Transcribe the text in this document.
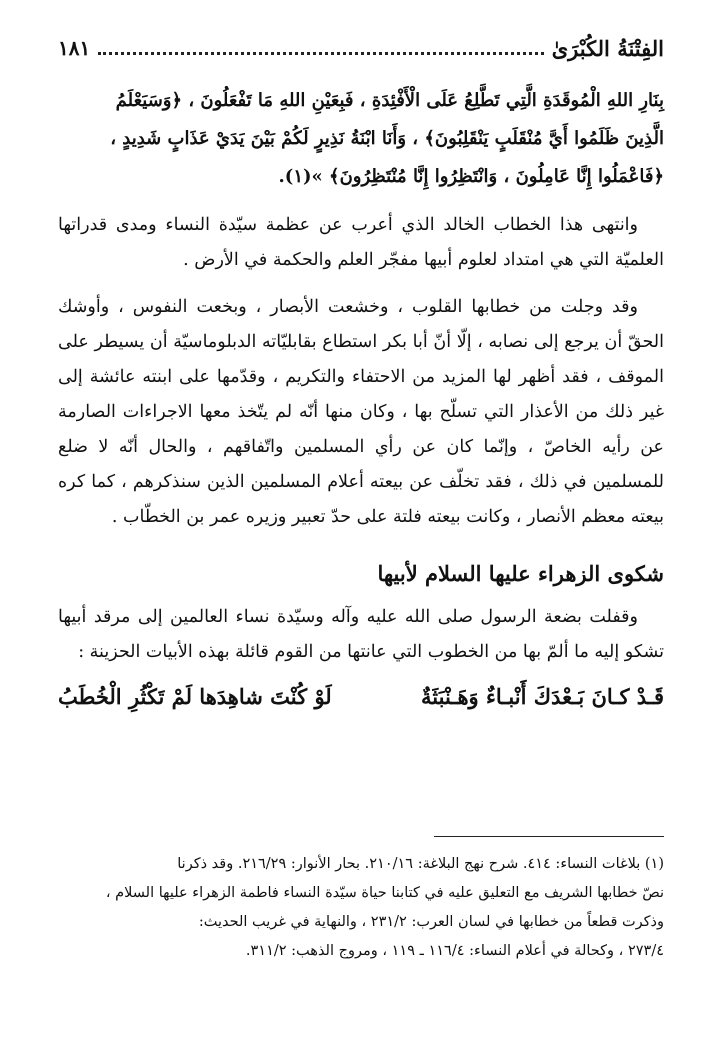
الفِتْنَةُ الكُبْرَىٰ
١٨١

بِنَارِ اللهِ الْمُوقَدَةِ الَّتِي تَطَّلِعُ عَلَى الْأَفْئِدَةِ ، فَبِعَيْنِ اللهِ مَا تَفْعَلُونَ ، ﴿وَسَيَعْلَمُ

الَّذِينَ ظَلَمُوا أَيَّ مُنْقَلَبٍ يَنْقَلِبُونَ﴾ ، وَأَنَا ابْنَةُ نَذِيرٍ لَكُمْ بَيْنَ يَدَيْ عَذَابٍ شَدِيدٍ ،

﴿فَاعْمَلُوا إِنَّا عَامِلُونَ ، وَانْتَظِرُوا إِنَّا مُنْتَظِرُونَ﴾ »(١).

وانتهى هذا الخطاب الخالد الذي أعرب عن عظمة سيّدة النساء ومدى قدراتها العلميّة التي هي امتداد لعلوم أبيها مفجّر العلم والحكمة في الأرض .

وقد وجلت من خطابها القلوب ، وخشعت الأبصار ، وبخعت النفوس ، وأوشك الحقّ أن يرجع إلى نصابه ، إلّا أنّ أبا بكر استطاع بقابليّاته الدبلوماسيّة أن يسيطر على الموقف ، فقد أظهر لها المزيد من الاحتفاء والتكريم ، وقدّمها على ابنته عائشة إلى غير ذلك من الأعذار التي تسلّح بها ، وكان منها أنّه لم يتّخذ معها الاجراءات الصارمة عن رأيه الخاصّ ، وإنّما كان عن رأي المسلمين واتّفاقهم ، والحال أنّه لا ضلع للمسلمين في ذلك ، فقد تخلّف عن بيعته أعلام المسلمين الذين سنذكرهم ، كما كره بيعته معظم الأنصار ، وكانت بيعته فلتة على حدّ تعبير وزيره عمر بن الخطّاب .

شكوى الزهراء عليها السلام لأبيها

وقفلت بضعة الرسول صلى الله عليه وآله وسيّدة نساء العالمين إلى مرقد أبيها تشكو إليه ما ألمّ بها من الخطوب التي عانتها من القوم قائلة بهذه الأبيات الحزينة :

قَـدْ كـانَ بَـعْدَكَ أَنْبـاءٌ وَهَـنْبَثَةٌ
لَوْ كُنْتَ شاهِدَها لَمْ تَكْثُرِ الْخُطَبُ

(١) بلاغات النساء: ٤١٤. شرح نهج البلاغة: ٢١٠/١٦. بحار الأنوار: ٢١٦/٢٩. وقد ذكرنا

نصّ خطابها الشريف مع التعليق عليه في كتابنا حياة سيّدة النساء فاطمة الزهراء عليها السلام ،

وذكرت قطعاً من خطابها في لسان العرب: ٢٣١/٢ ، والنهاية في غريب الحديث:

٢٧٣/٤ ، وكحالة في أعلام النساء: ١١٦/٤ ـ ١١٩ ، ومروج الذهب: ٣١١/٢.
